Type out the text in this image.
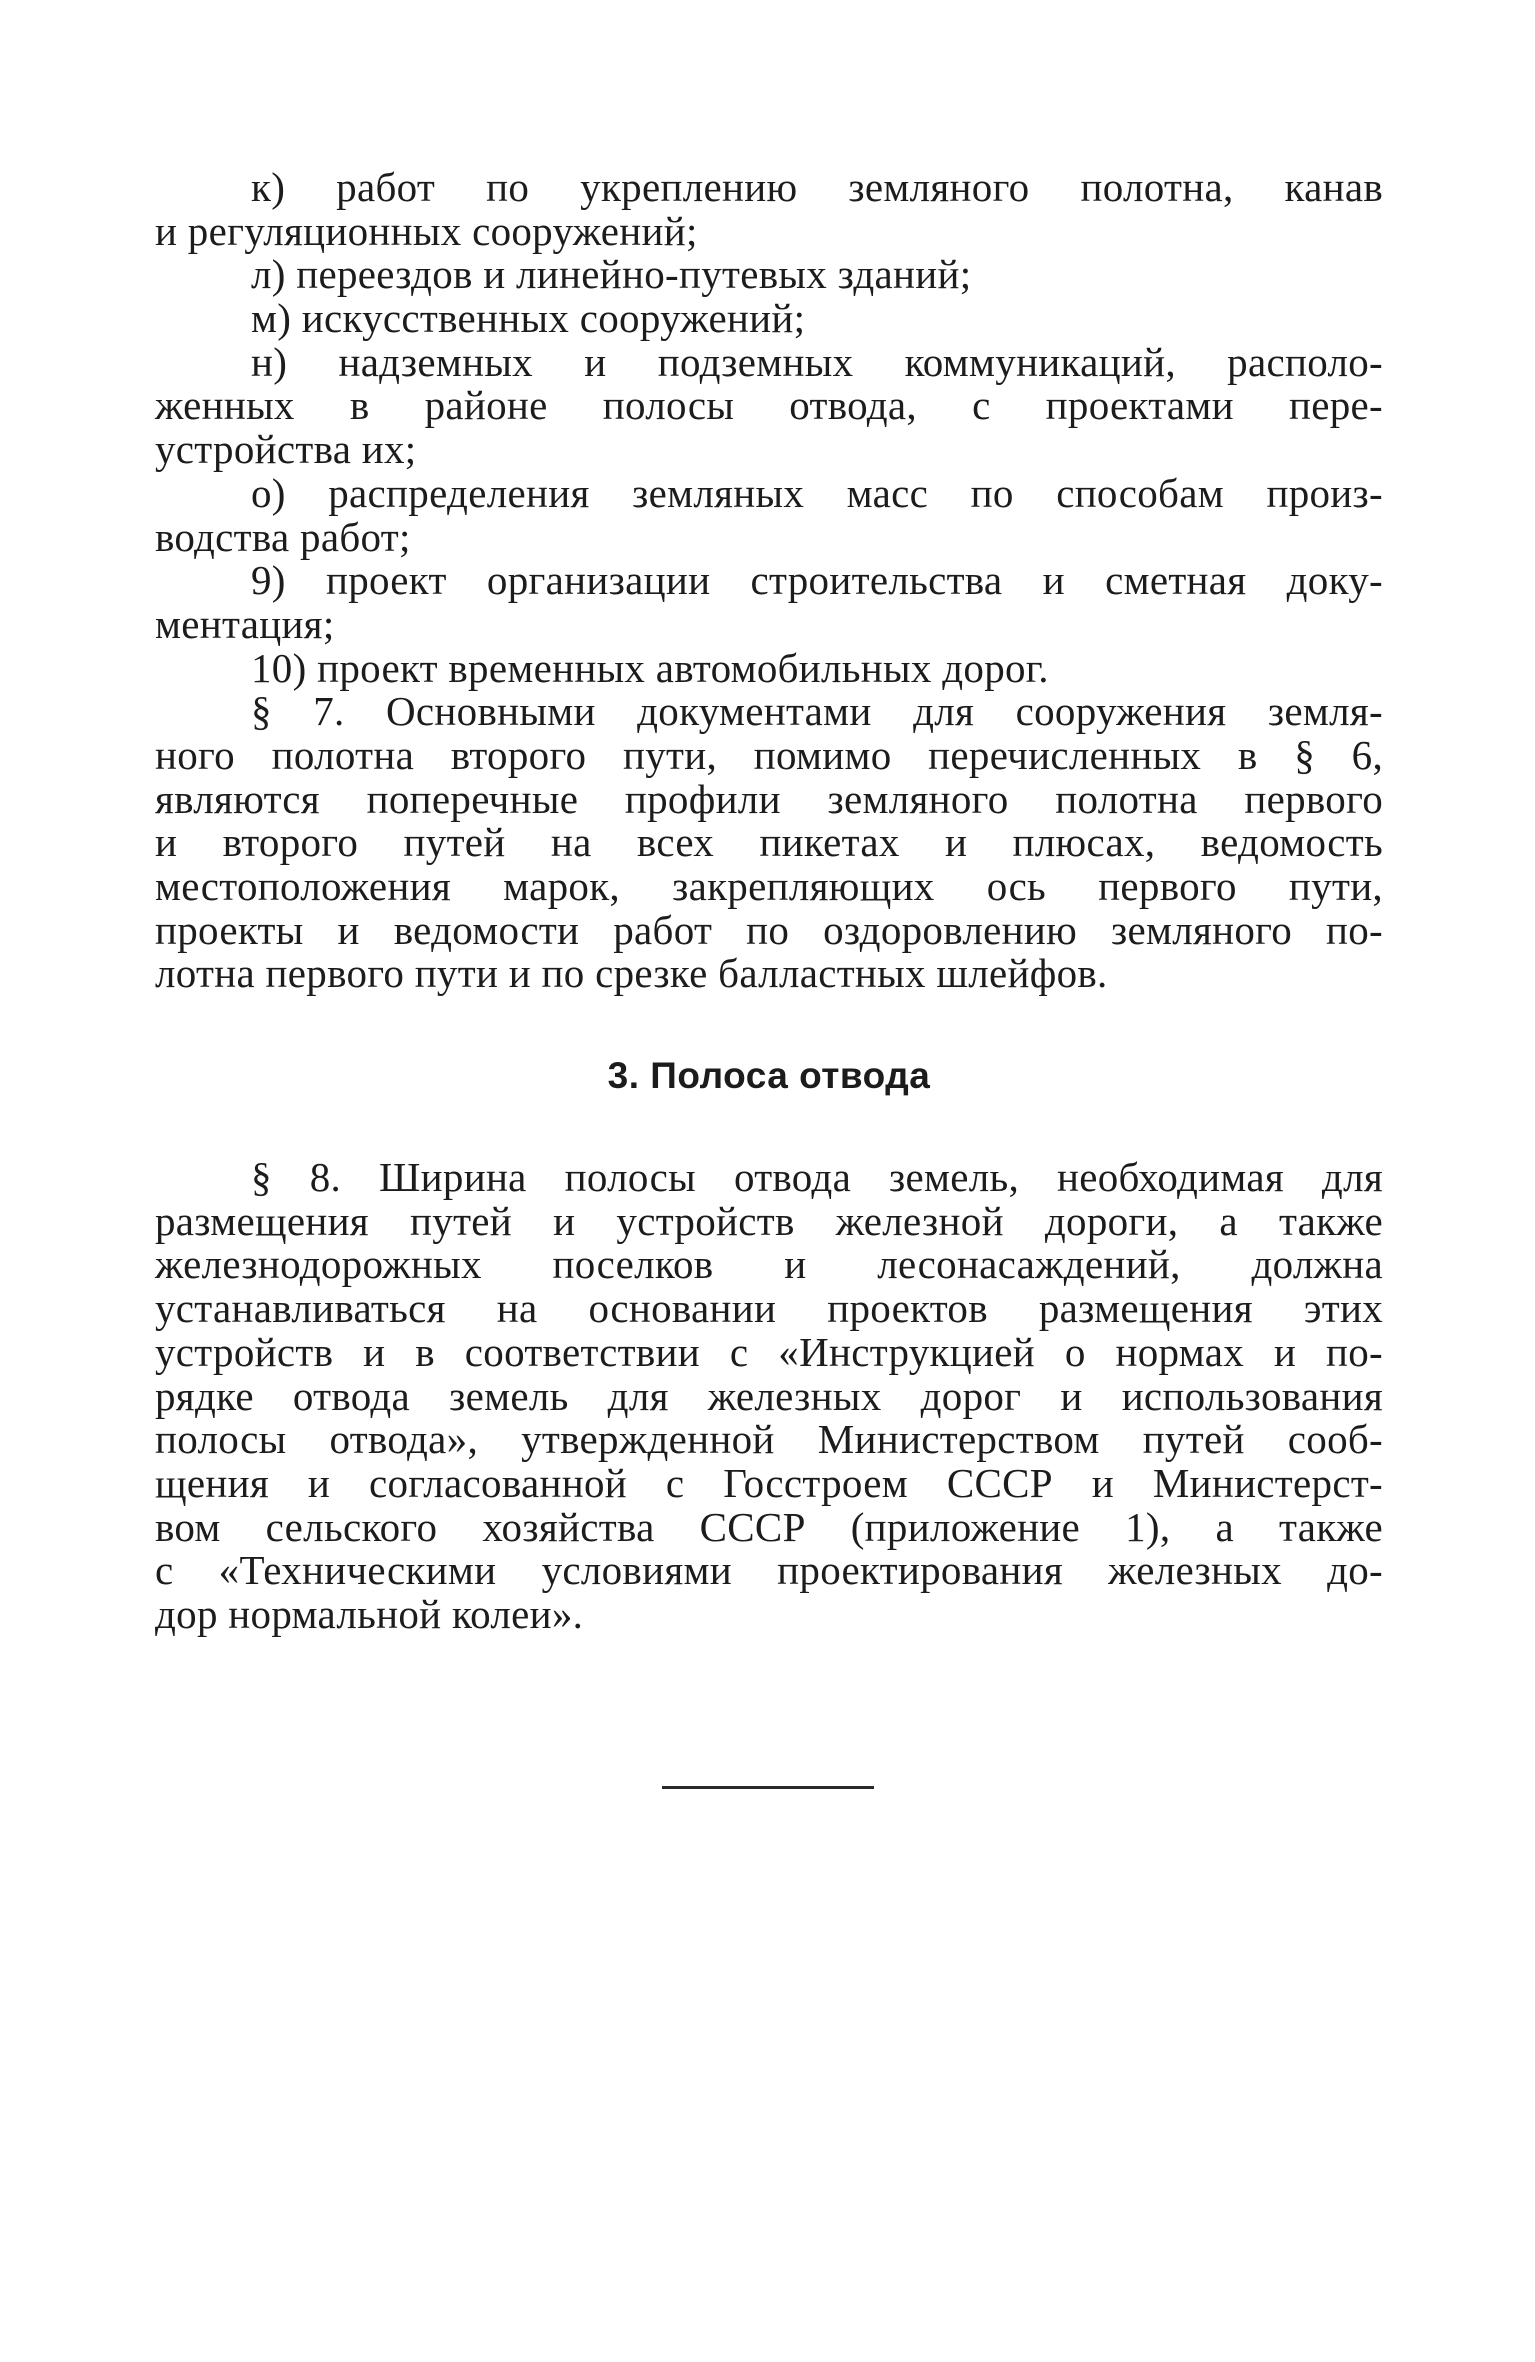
к) работ по укреплению земляного полотна, канав
и регуляционных сооружений;
л) переездов и линейно-путевых зданий;
м) искусственных сооружений;
н) надземных и подземных коммуникаций, располо-
женных в районе полосы отвода, с проектами пере-
устройства их;
о) распределения земляных масс по способам произ-
водства работ;
9) проект организации строительства и сметная доку-
ментация;
10) проект временных автомобильных дорог.
§ 7. Основными документами для сооружения земля-
ного полотна второго пути, помимо перечисленных в § 6,
являются поперечные профили земляного полотна первого
и второго путей на всех пикетах и плюсах, ведомость
местоположения марок, закрепляющих ось первого пути,
проекты и ведомости работ по оздоровлению земляного по-
лотна первого пути и по срезке балластных шлейфов.
3. Полоса отвода
§ 8. Ширина полосы отвода земель, необходимая для
размещения путей и устройств железной дороги, а также
железнодорожных поселков и лесонасаждений, должна
устанавливаться на основании проектов размещения этих
устройств и в соответствии с «Инструкцией о нормах и по-
рядке отвода земель для железных дорог и использования
полосы отвода», утвержденной Министерством путей сооб-
щения и согласованной с Госстроем СССР и Министерст-
вом сельского хозяйства СССР (приложение 1), а также
с «Техническими условиями проектирования железных до-
дор нормальной колеи».
